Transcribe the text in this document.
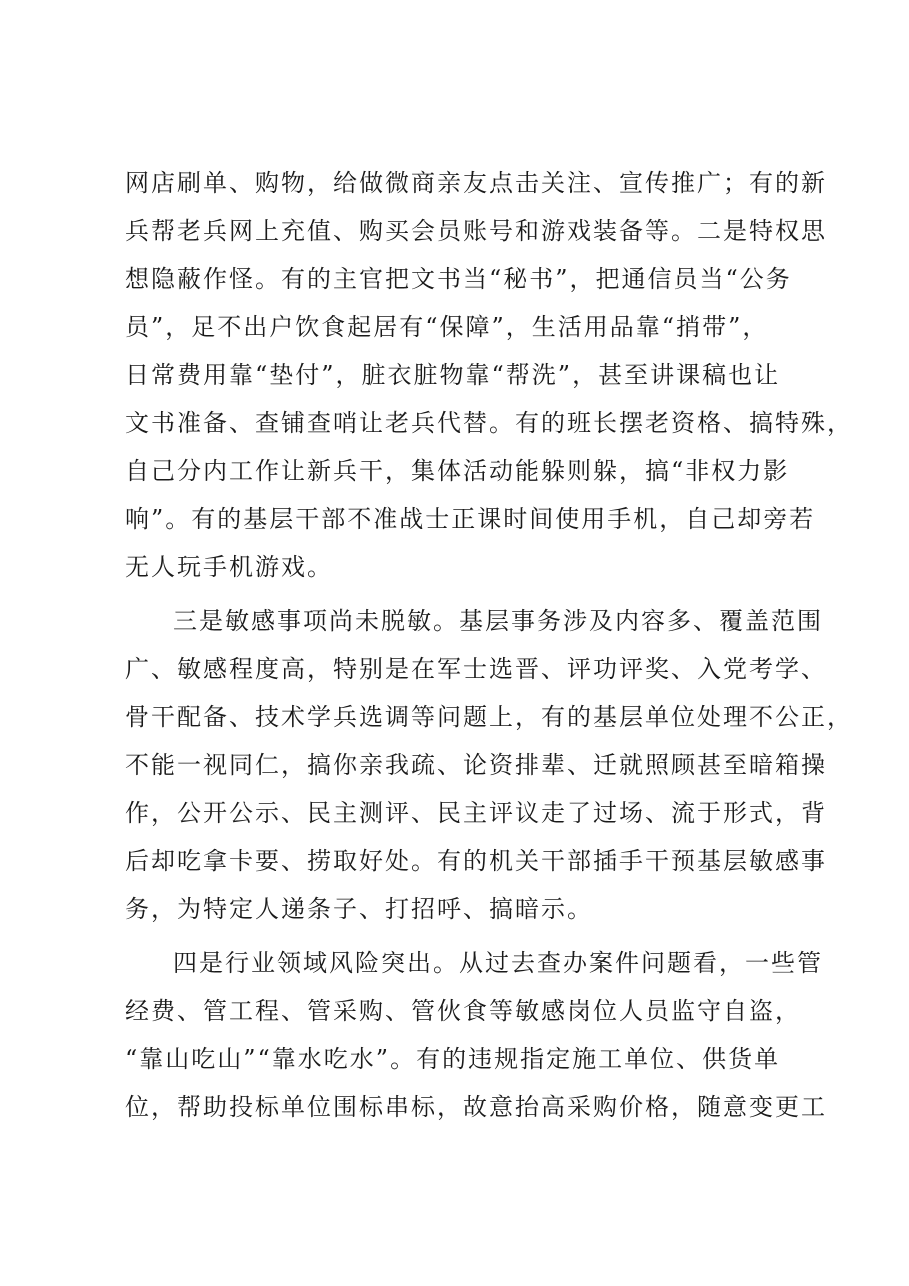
网店刷单、购物，给做微商亲友点击关注、宣传推广；有的新

兵帮老兵网上充值、购买会员账号和游戏装备等。二是特权思

想隐蔽作怪。有的主官把文书当“秘书”，把通信员当“公务

员”，足不出户饮食起居有“保障”，生活用品靠“捎带”，

日常费用靠“垫付”，脏衣脏物靠“帮洗”，甚至讲课稿也让

文书准备、查铺查哨让老兵代替。有的班长摆老资格、搞特殊，

自己分内工作让新兵干，集体活动能躲则躲，搞“非权力影

响”。有的基层干部不准战士正课时间使用手机，自己却旁若

无人玩手机游戏。

三是敏感事项尚未脱敏。基层事务涉及内容多、覆盖范围

广、敏感程度高，特别是在军士选晋、评功评奖、入党考学、

骨干配备、技术学兵选调等问题上，有的基层单位处理不公正，

不能一视同仁，搞你亲我疏、论资排辈、迁就照顾甚至暗箱操

作，公开公示、民主测评、民主评议走了过场、流于形式，背

后却吃拿卡要、捞取好处。有的机关干部插手干预基层敏感事

务，为特定人递条子、打招呼、搞暗示。

四是行业领域风险突出。从过去查办案件问题看，一些管

经费、管工程、管采购、管伙食等敏感岗位人员监守自盗，

“靠山吃山”“靠水吃水”。有的违规指定施工单位、供货单

位，帮助投标单位围标串标，故意抬高采购价格，随意变更工
